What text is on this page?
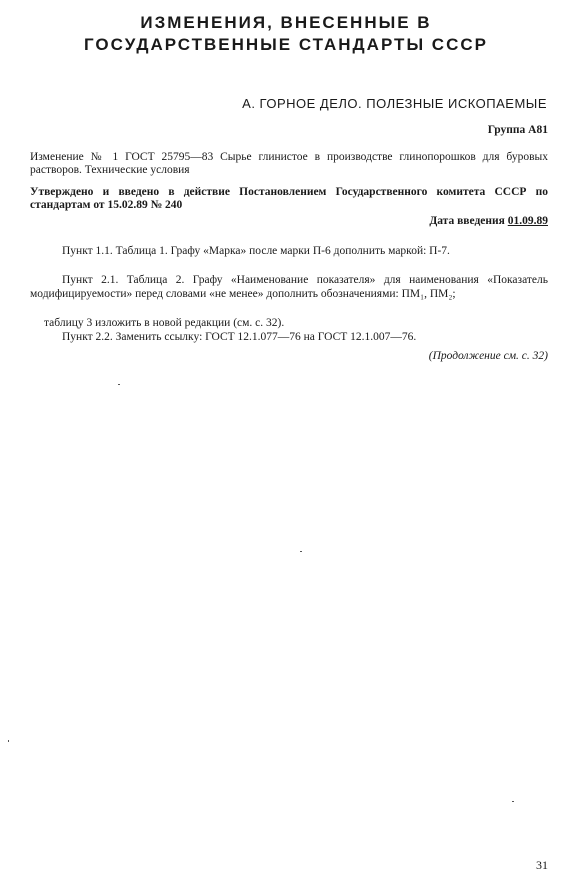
ИЗМЕНЕНИЯ, ВНЕСЕННЫЕ В
ГОСУДАРСТВЕННЫЕ СТАНДАРТЫ СССР
А. ГОРНОЕ ДЕЛО. ПОЛЕЗНЫЕ ИСКОПАЕМЫЕ
Группа А81
Изменение № 1 ГОСТ 25795—83 Сырье глинистое в производстве глинопорошков для буровых растворов. Технические условия
Утверждено и введено в действие Постановлением Государственного комитета СССР по стандартам от 15.02.89 № 240
Дата введения 01.09.89
Пункт 1.1. Таблица 1. Графу «Марка» после марки П-6 дополнить маркой: П-7.
Пункт 2.1. Таблица 2. Графу «Наименование показателя» для наименования «Показатель модифицируемости» перед словами «не менее» дополнить обозначениями: ПМ₁, ПМ₂;
таблицу 3 изложить в новой редакции (см. с. 32).
Пункт 2.2. Заменить ссылку: ГОСТ 12.1.077—76 на ГОСТ 12.1.007—76.
(Продолжение см. с. 32)
31
